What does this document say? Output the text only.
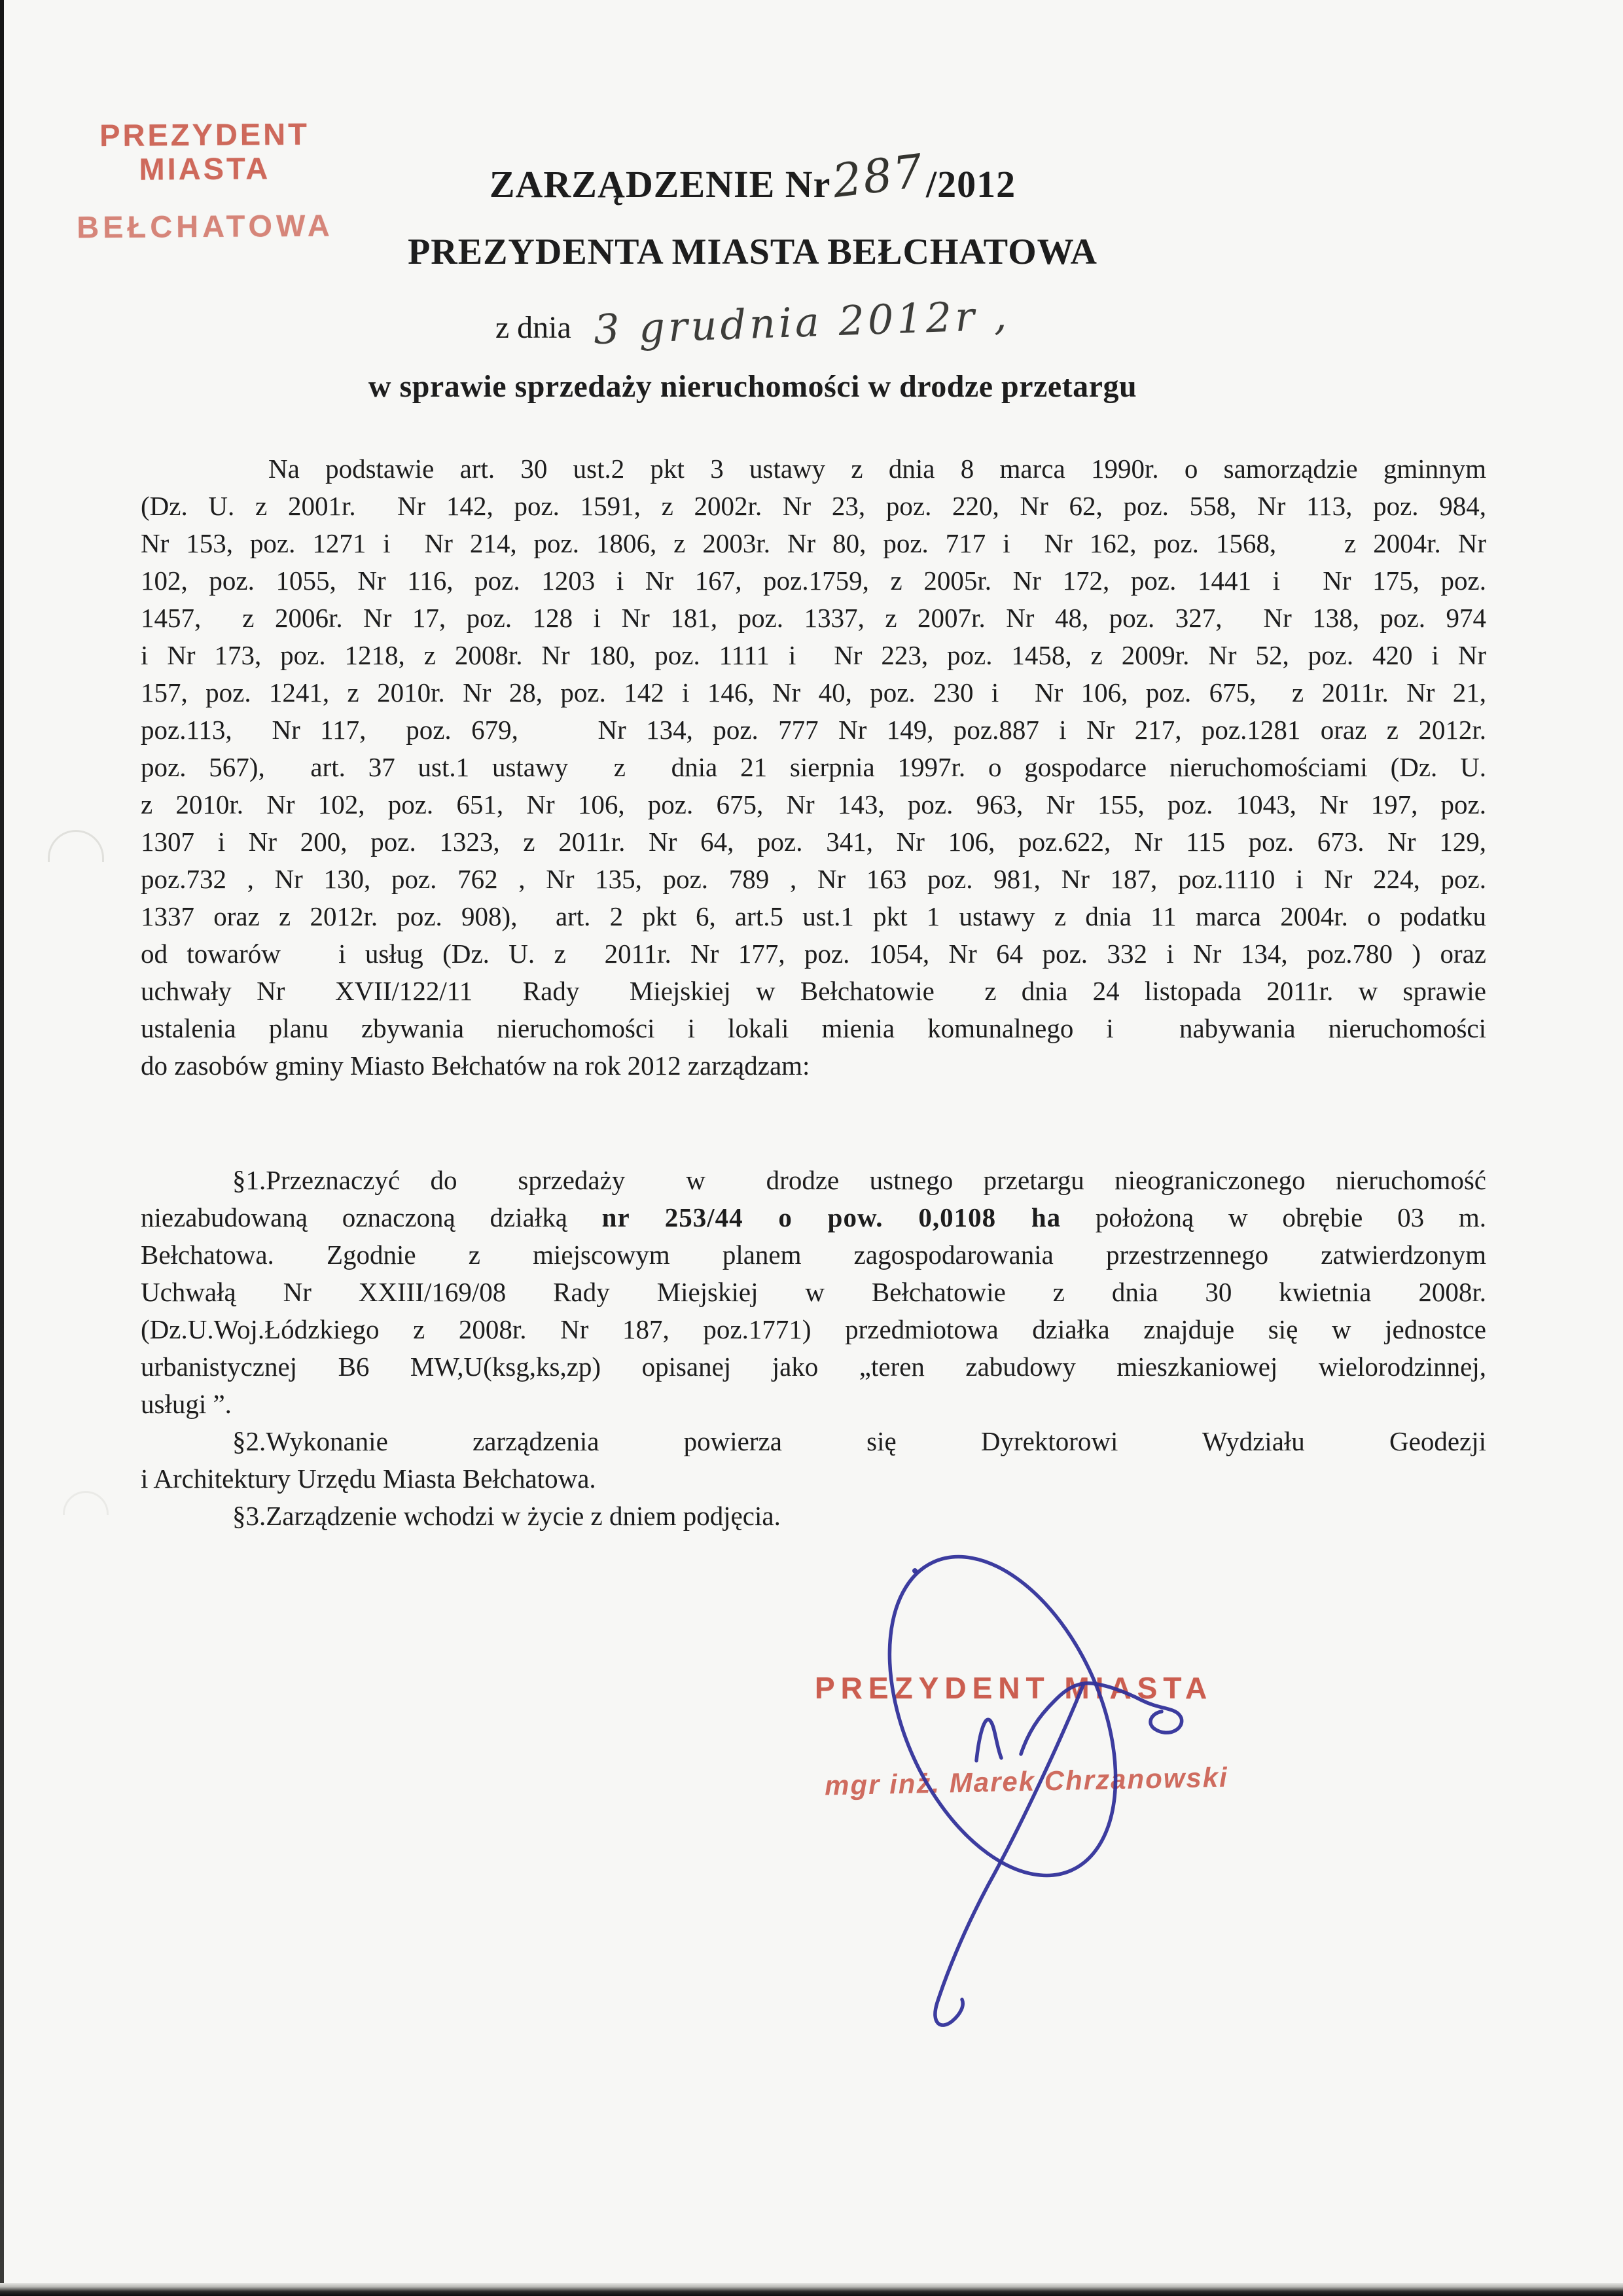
PREZYDENT MIASTA
BEŁCHATOWA
ZARZĄDZENIE Nr287/2012
PREZYDENTA MIASTA BEŁCHATOWA
z dnia 3 grudnia 2012r ,
w sprawie sprzedaży nieruchomości w drodze przetargu
Na podstawie art. 30 ust.2 pkt 3 ustawy z dnia 8 marca 1990r. o samorządzie gminnym
(Dz. U. z 2001r.  Nr 142, poz. 1591, z 2002r. Nr 23, poz. 220, Nr 62, poz. 558, Nr 113, poz. 984,
Nr 153, poz. 1271 i  Nr 214, poz. 1806, z 2003r. Nr 80, poz. 717 i  Nr 162, poz. 1568,    z 2004r. Nr
102, poz. 1055, Nr 116, poz. 1203 i Nr 167, poz.1759, z 2005r. Nr 172, poz. 1441 i  Nr 175, poz.
1457,  z 2006r. Nr 17, poz. 128 i Nr 181, poz. 1337, z 2007r. Nr 48, poz. 327,  Nr 138, poz. 974
i Nr 173, poz. 1218, z 2008r. Nr 180, poz. 1111 i  Nr 223, poz. 1458, z 2009r. Nr 52, poz. 420 i Nr
157, poz. 1241, z 2010r. Nr 28, poz. 142 i 146, Nr 40, poz. 230 i  Nr 106, poz. 675,  z 2011r. Nr 21,
poz.113,  Nr 117,  poz. 679,    Nr 134, poz. 777 Nr 149, poz.887 i Nr 217, poz.1281 oraz z 2012r.
poz. 567),  art. 37 ust.1 ustawy  z  dnia 21 sierpnia 1997r. o gospodarce nieruchomościami (Dz. U.
z 2010r. Nr 102, poz. 651, Nr 106, poz. 675, Nr 143, poz. 963, Nr 155, poz. 1043, Nr 197, poz.
1307 i Nr 200, poz. 1323, z 2011r. Nr 64, poz. 341, Nr 106, poz.622, Nr 115 poz. 673. Nr 129,
poz.732 , Nr 130, poz. 762 , Nr 135, poz. 789 , Nr 163 poz. 981, Nr 187, poz.1110 i Nr 224, poz.
1337 oraz z 2012r. poz. 908),  art. 2 pkt 6, art.5 ust.1 pkt 1 ustawy z dnia 11 marca 2004r. o podatku
od towarów   i usług (Dz. U. z  2011r. Nr 177, poz. 1054, Nr 64 poz. 332 i Nr 134, poz.780 ) oraz
uchwały Nr  XVII/122/11  Rady  Miejskiej w Bełchatowie  z dnia 24 listopada 2011r. w sprawie
ustalenia planu zbywania nieruchomości i lokali mienia komunalnego i  nabywania nieruchomości
do zasobów gminy Miasto Bełchatów na rok 2012 zarządzam:
§1.Przeznaczyć do  sprzedaży  w  drodze ustnego przetargu nieograniczonego nieruchomość
niezabudowaną oznaczoną działką nr 253/44 o pow. 0,0108 ha położoną w obrębie 03 m.
Bełchatowa. Zgodnie z miejscowym planem zagospodarowania przestrzennego zatwierdzonym
Uchwałą Nr XXIII/169/08 Rady Miejskiej w Bełchatowie z dnia 30 kwietnia 2008r.
(Dz.U.Woj.Łódzkiego z 2008r. Nr 187, poz.1771) przedmiotowa działka znajduje się w jednostce
urbanistycznej B6 MW,U(ksg,ks,zp) opisanej jako „teren zabudowy mieszkaniowej wielorodzinnej,
usługi ”.
§2.Wykonanie zarządzenia powierza się Dyrektorowi Wydziału Geodezji
i Architektury Urzędu Miasta Bełchatowa.
§3.Zarządzenie wchodzi w życie z dniem podjęcia.
PREZYDENT MIASTA
mgr inż. Marek Chrzanowski
